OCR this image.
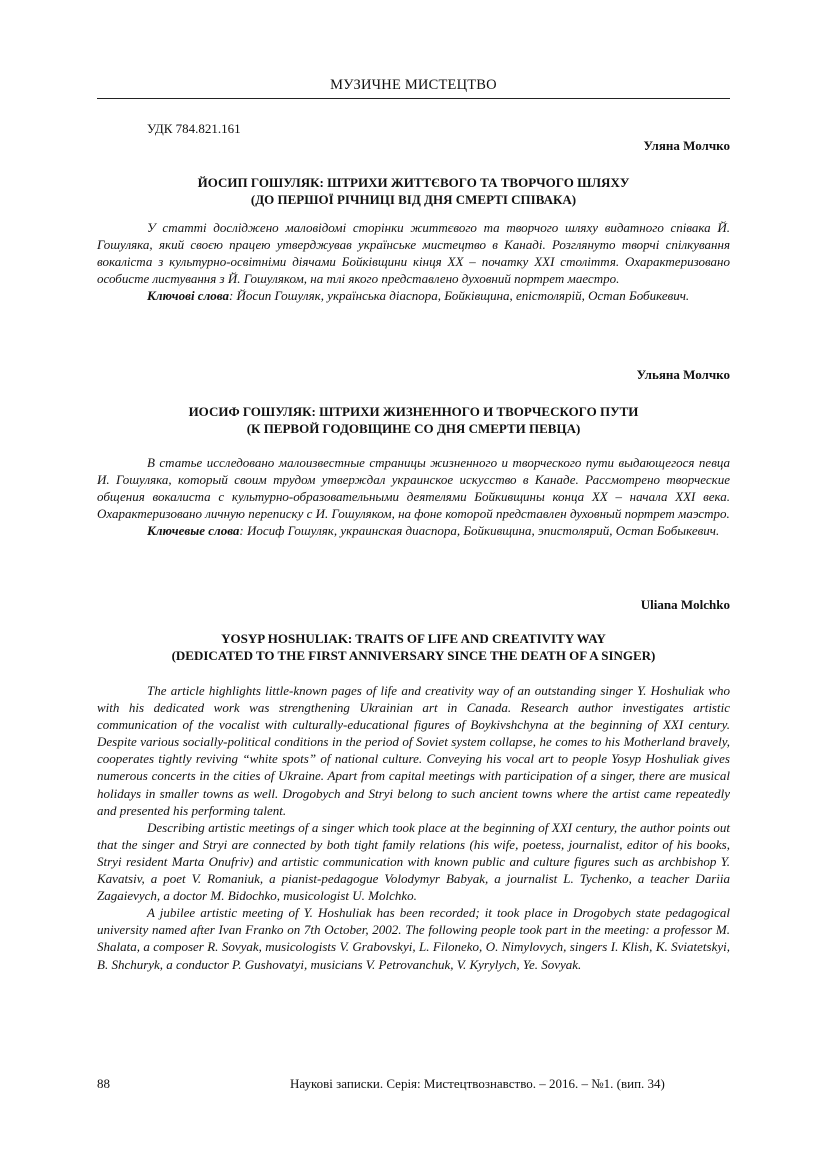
МУЗИЧНЕ МИСТЕЦТВО
УДК 784.821.161
Уляна Молчко
ЙОСИП ГОШУЛЯК: ШТРИХИ ЖИТТЄВОГО ТА ТВОРЧОГО ШЛЯХУ
(ДО ПЕРШОЇ РІЧНИЦІ ВІД ДНЯ СМЕРТІ СПІВАКА)

У статті досліджено маловідомі сторінки життєвого та творчого шляху видатного співака Й. Гошуляка, який своєю працею утверджував українське мистецтво в Канаді. Розглянуто творчі спілкування вокаліста з культурно-освітніми діячами Бойківщини кінця ХХ – початку ХХІ століття. Охарактеризовано особисте листування з Й. Гошуляком, на тлі якого представлено духовний портрет маестро.

Ключові слова: Йосип Гошуляк, українська діаспора, Бойківщина, епістолярій, Остап Бобикевич.

Ульяна Молчко
ИОСИФ ГОШУЛЯК: ШТРИХИ ЖИЗНЕННОГО И ТВОРЧЕСКОГО ПУТИ
(К ПЕРВОЙ ГОДОВЩИНЕ СО ДНЯ СМЕРТИ ПЕВЦА)

В статье исследовано малоизвестные страницы жизненного и творческого пути выдающегося певца И. Гошуляка, который своим трудом утверждал украинское искусство в Канаде. Рассмотрено творческие общения вокалиста с культурно-образовательными деятелями Бойкивщины конца ХХ – начала ХХI века. Охарактеризовано личную переписку с И. Гошуляком, на фоне которой представлен духовный портрет маэстро.

Ключевые слова: Иосиф Гошуляк, украинская диаспора, Бойкивщина, эпистолярий, Остап Бобыкевич.

Uliana Molchko
YOSYP HOSHULIAK: TRAITS OF LIFE AND CREATIVITY WAY
(DEDICATED TO THE FIRST ANNIVERSARY SINCE THE DEATH OF A SINGER)

The article highlights little-known pages of life and creativity way of an outstanding singer Y. Hoshuliak who with his dedicated work was strengthening Ukrainian art in Canada. Research author investigates artistic communication of the vocalist with culturally-educational figures of Boykivshchyna at the beginning of XXI century. Despite various socially-political conditions in the period of Soviet system collapse, he comes to his Motherland bravely, cooperates tightly reviving “white spots” of national culture. Conveying his vocal art to people Yosyp Hoshuliak gives numerous concerts in the cities of Ukraine. Apart from capital meetings with participation of a singer, there are musical holidays in smaller towns as well. Drogobych and Stryi belong to such ancient towns where the artist came repeatedly and presented his performing talent.

Describing artistic meetings of a singer which took place at the beginning of XXI century, the author points out that the singer and Stryi are connected by both tight family relations (his wife, poetess, journalist, editor of his books, Stryi resident Marta Onufriv) and artistic communication with known public and culture figures such as archbishop Y. Kavatsiv, a poet V. Romaniuk, a pianist-pedagogue Volodymyr Babyak, a journalist L. Tychenko, a teacher Dariia Zagaievych, a doctor M. Bidochko, musicologist U. Molchko.

A jubilee artistic meeting of Y. Hoshuliak has been recorded; it took place in Drogobych state pedagogical university named after Ivan Franko on 7th October, 2002. The following people took part in the meeting: a professor M. Shalata, a composer R. Sovyak, musicologists V. Grabovskyi, L. Filoneko, O. Nimylovych, singers I. Klish, K. Sviatetskyi, B. Shchuryk, a conductor P. Gushovatyi, musicians V. Petrovanchuk, V. Kyrylych, Ye. Sovyak.

88	Наукові записки. Серія: Мистецтвознавство. – 2016. – №1. (вип. 34)
